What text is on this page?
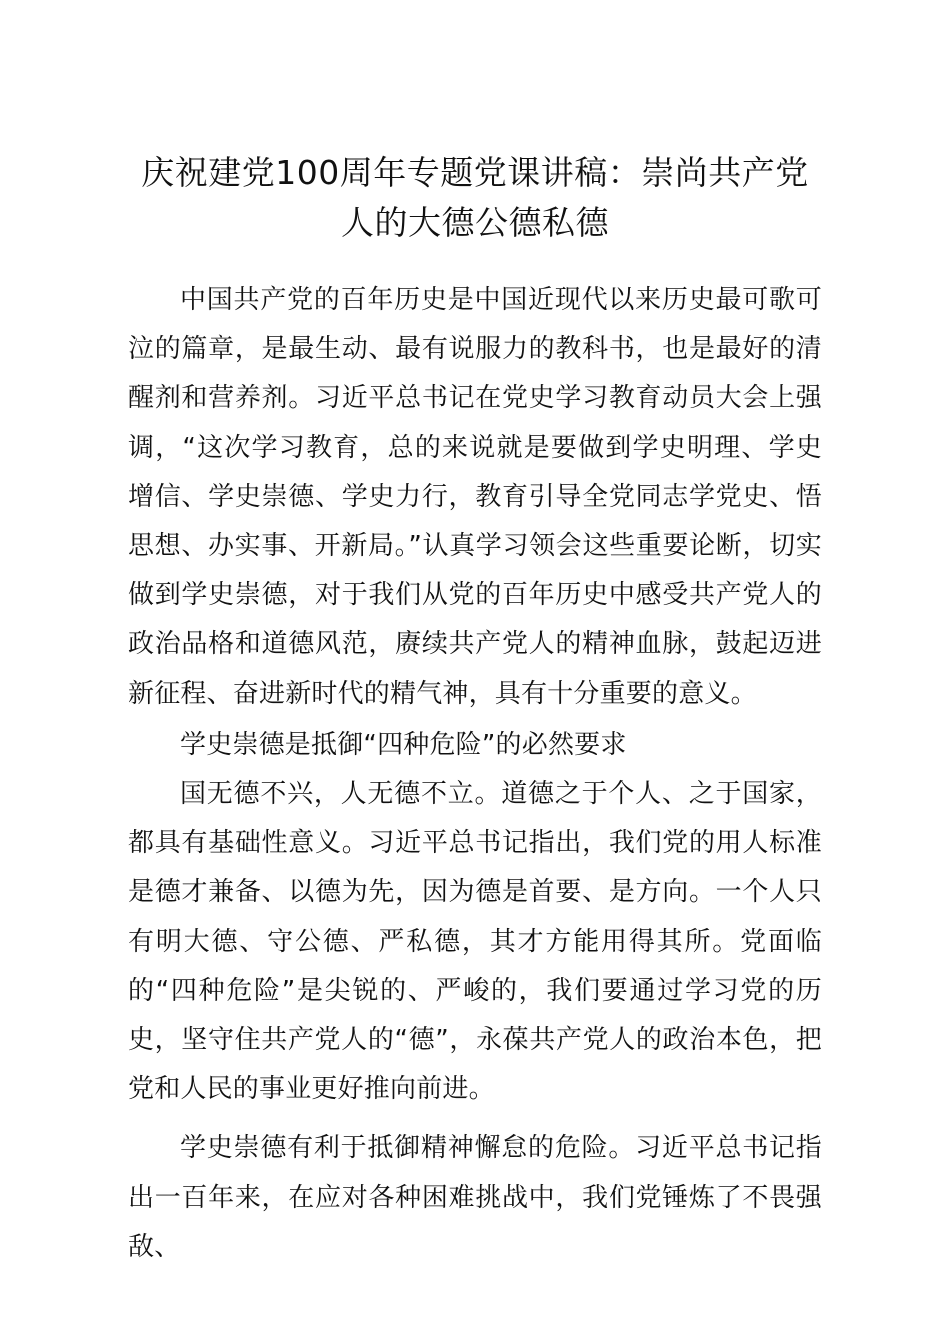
庆祝建党100周年专题党课讲稿：崇尚共产党人的大德公德私德

中国共产党的百年历史是中国近现代以来历史最可歌可泣的篇章，是最生动、最有说服力的教科书，也是最好的清醒剂和营养剂。习近平总书记在党史学习教育动员大会上强调，“这次学习教育，总的来说就是要做到学史明理、学史增信、学史崇德、学史力行，教育引导全党同志学党史、悟思想、办实事、开新局。”认真学习领会这些重要论断，切实做到学史崇德，对于我们从党的百年历史中感受共产党人的政治品格和道德风范，赓续共产党人的精神血脉，鼓起迈进新征程、奋进新时代的精气神，具有十分重要的意义。

学史崇德是抵御“四种危险”的必然要求

国无德不兴，人无德不立。道德之于个人、之于国家，都具有基础性意义。习近平总书记指出，我们党的用人标准是德才兼备、以德为先，因为德是首要、是方向。一个人只有明大德、守公德、严私德，其才方能用得其所。党面临的“四种危险”是尖锐的、严峻的，我们要通过学习党的历史，坚守住共产党人的“德”，永葆共产党人的政治本色，把党和人民的事业更好推向前进。

学史崇德有利于抵御精神懈怠的危险。习近平总书记指出一百年来，在应对各种困难挑战中，我们党锤炼了不畏强敌、
